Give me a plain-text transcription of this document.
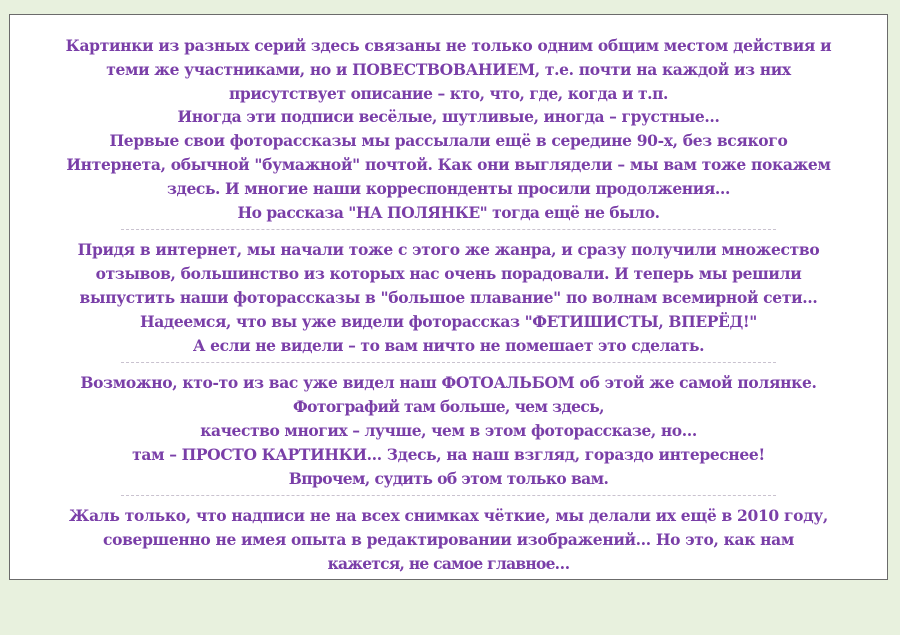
Картинки из разных серий здесь связаны не только одним общим местом действия и
теми же участниками, но и ПОВЕСТВОВАНИЕМ, т.е. почти на каждой из них
присутствует описание – кто, что, где, когда и т.п.
Иногда эти подписи весёлые, шутливые, иногда – грустные…
Первые свои фоторассказы мы рассылали ещё в середине 90-х, без всякого
Интернета, обычной "бумажной" почтой. Как они выглядели – мы вам тоже покажем
здесь. И многие наши корреспонденты просили продолжения…
Но рассказа "НА ПОЛЯНКЕ" тогда ещё не было.
Придя в интернет, мы начали тоже с этого же жанра, и сразу получили множество
отзывов, большинство из которых нас очень порадовали. И теперь мы решили
выпустить наши фоторассказы в "большое плавание" по волнам всемирной сети…
Надеемся, что вы уже видели фоторассказ "ФЕТИШИСТЫ, ВПЕРЁД!"
А если не видели – то вам ничто не помешает это сделать.
Возможно, кто-то из вас уже видел наш ФОТОАЛЬБОМ об этой же самой полянке.
Фотографий там больше, чем здесь,
качество многих – лучше, чем в этом фоторассказе, но…
там – ПРОСТО КАРТИНКИ… Здесь, на наш взгляд, гораздо интереснее!
Впрочем, судить об этом только вам.
Жаль только, что надписи не на всех снимках чёткие, мы делали их ещё в 2010 году,
совершенно не имея опыта в редактировании изображений… Но это, как нам
кажется, не самое главное…
